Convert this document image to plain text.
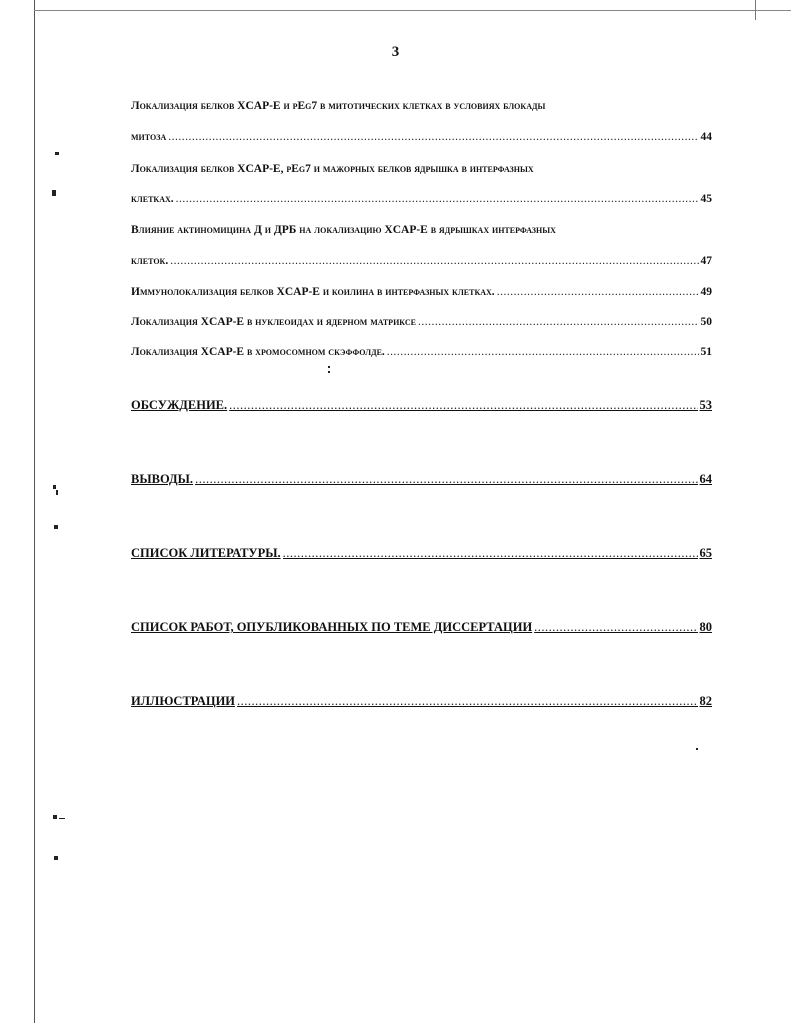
3
Локализация белков XCAP-E и pEg7 в митотических клетках в условиях блокады
митоза .....	44
Локализация белков XCAP-E, pEg7 и мажорных белков ядрышка в интерфазных
клетках. .....	45
Влияние актиномицина Д и ДРБ на локализацию XCAP-E в ядрышках интерфазных
клеток. .....	47
Иммунолокализация белков XCAP-E и коилина в интерфазных клетках. .....	49
Локализация XCAP-E в нуклеоидах и ядерном матриксе .....	50
Локализация XCAP-E в хромосомном скэффолде. .....	51
ОБСУЖДЕНИЕ. .....	53
ВЫВОДЫ. .....	64
СПИСОК ЛИТЕРАТУРЫ. .....	65
СПИСОК РАБОТ, ОПУБЛИКОВАННЫХ ПО ТЕМЕ ДИССЕРТАЦИИ .....	80
ИЛЛЮСТРАЦИИ .....	82
